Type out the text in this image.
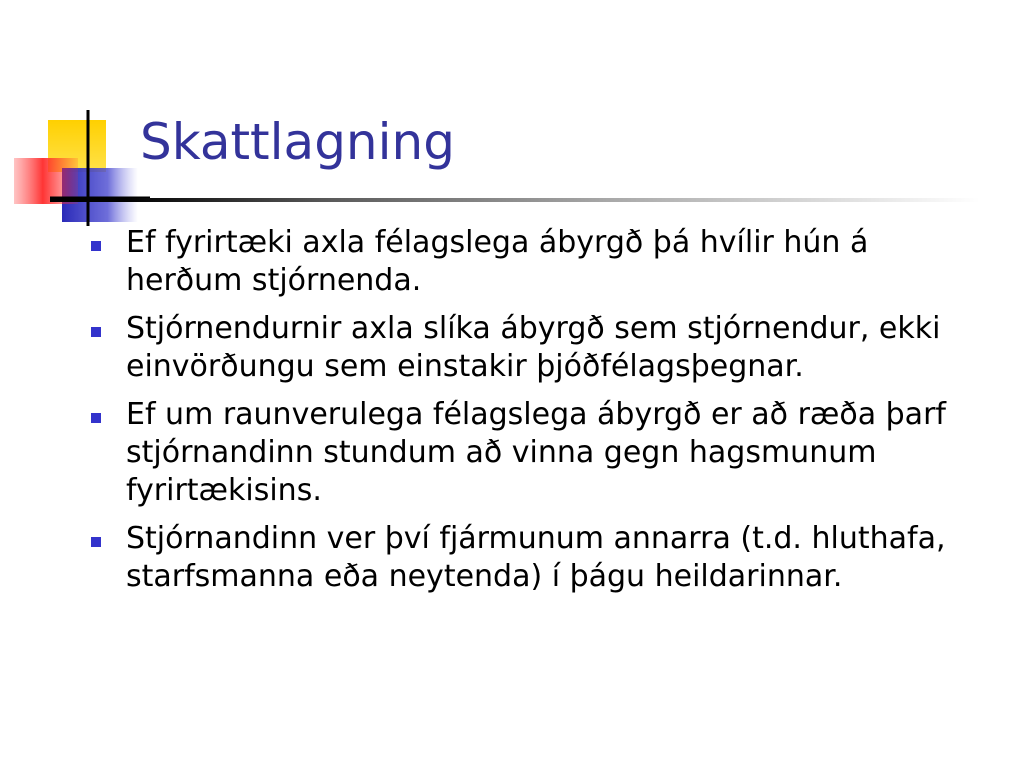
Skattlagning
Ef fyrirtæki axla félagslega ábyrgð þá hvílir hún á herðum stjórnenda.
Stjórnendurnir axla slíka ábyrgð sem stjórnendur, ekki einvörðungu sem einstakir þjóðfélagsþegnar.
Ef um raunverulega félagslega ábyrgð er að ræða þarf stjórnandinn stundum að vinna gegn hagsmunum fyrirtækisins.
Stjórnandinn ver því fjármunum annarra (t.d. hluthafa, starfsmanna eða neytenda) í þágu heildarinnar.
